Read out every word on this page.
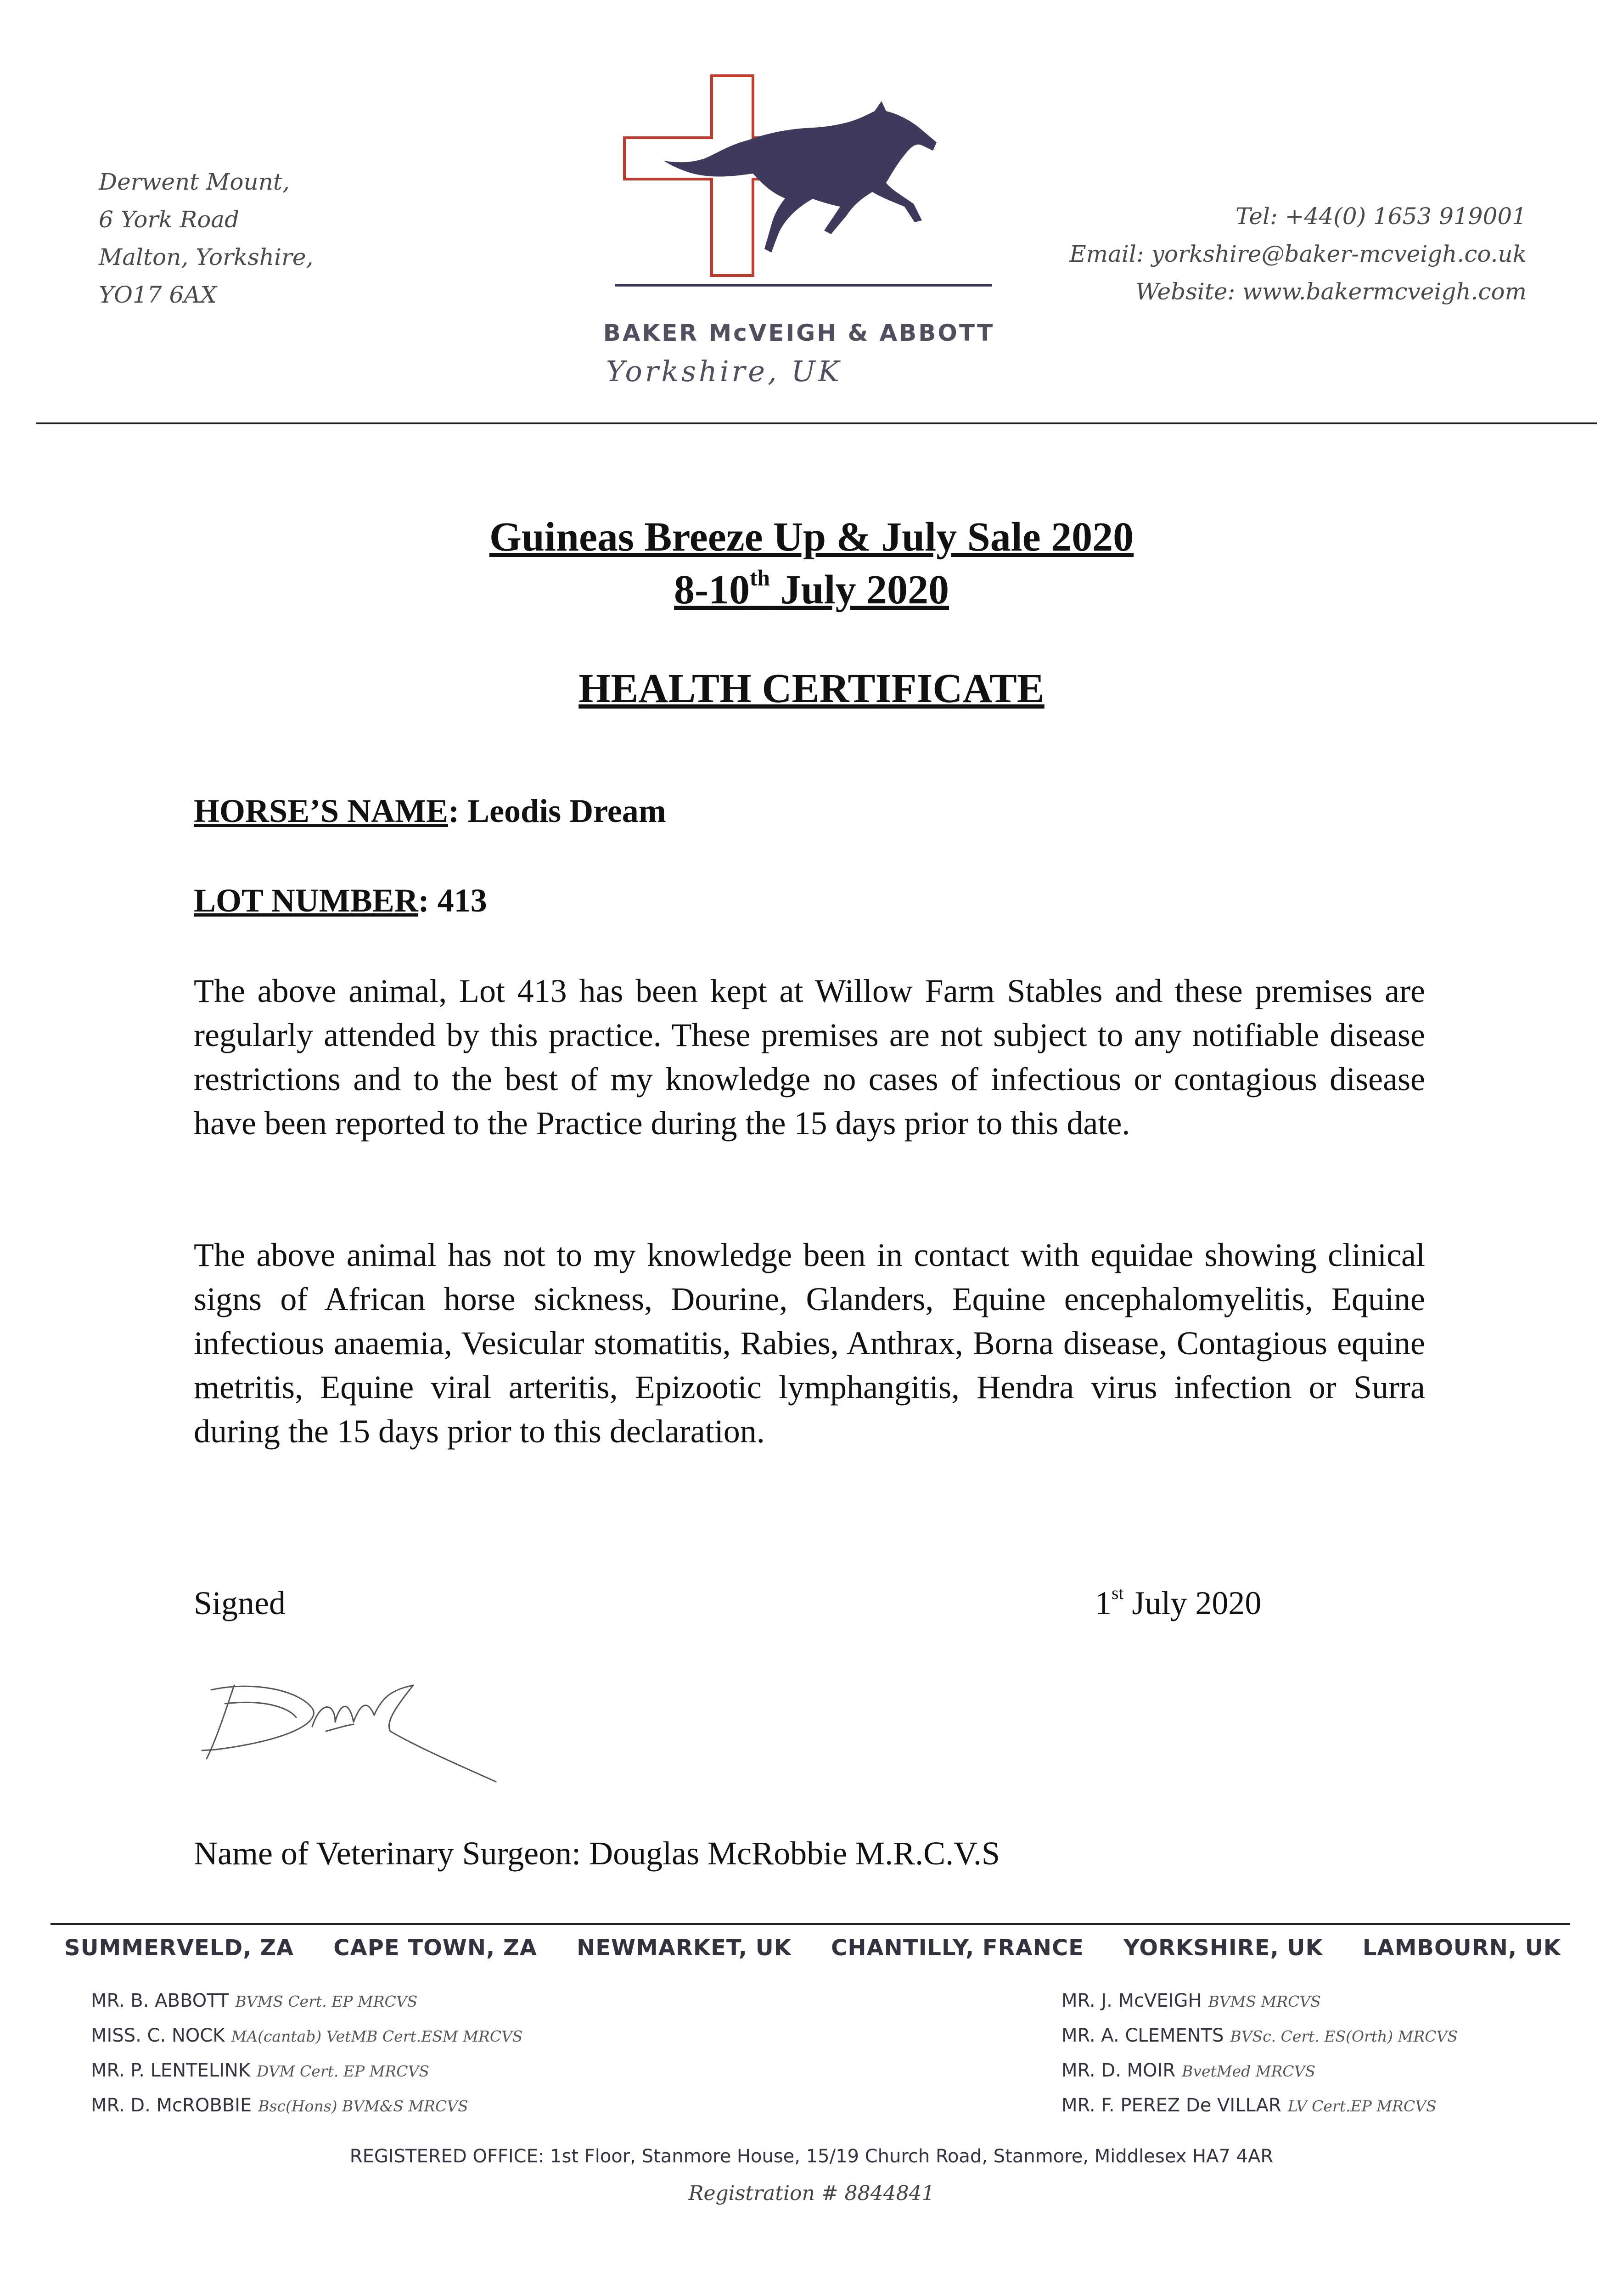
Derwent Mount,
6 York Road
Malton, Yorkshire,
YO17 6AX
BAKER McVEIGH & ABBOTT
Yorkshire, UK
Tel: +44(0) 1653 919001
Email: yorkshire@baker-mcveigh.co.uk
Website: www.bakermcveigh.com
Guineas Breeze Up & July Sale 2020
8-10th July 2020
HEALTH CERTIFICATE
HORSE’S NAME: Leodis Dream
LOT NUMBER: 413
The above animal, Lot 413 has been kept at Willow Farm Stables and these premises are regularly attended by this practice. These premises are not subject to any notifiable disease restrictions and to the best of my knowledge no cases of infectious or contagious disease have been reported to the Practice during the 15 days prior to this date.
The above animal has not to my knowledge been in contact with equidae showing clinical signs of African horse sickness, Dourine, Glanders, Equine encephalomyelitis, Equine infectious anaemia, Vesicular stomatitis, Rabies, Anthrax, Borna disease, Contagious equine metritis, Equine viral arteritis, Epizootic lymphangitis, Hendra virus infection or Surra during the 15 days prior to this declaration.
Signed	1st July 2020
Name of Veterinary Surgeon: Douglas McRobbie M.R.C.V.S
SUMMERVELD, ZA CAPE TOWN, ZA NEWMARKET, UK CHANTILLY, FRANCE YORKSHIRE, UK LAMBOURN, UK
MR. B. ABBOTT BVMS Cert. EP MRCVS
MISS. C. NOCK MA(cantab) VetMB Cert.ESM MRCVS
MR. P. LENTELINK DVM Cert. EP MRCVS
MR. D. McROBBIE Bsc(Hons) BVM&S MRCVS
MR. J. McVEIGH BVMS MRCVS
MR. A. CLEMENTS BVSc. Cert. ES(Orth) MRCVS
MR. D. MOIR BvetMed MRCVS
MR. F. PEREZ De VILLAR LV Cert.EP MRCVS
REGISTERED OFFICE: 1st Floor, Stanmore House, 15/19 Church Road, Stanmore, Middlesex HA7 4AR
Registration # 8844841
